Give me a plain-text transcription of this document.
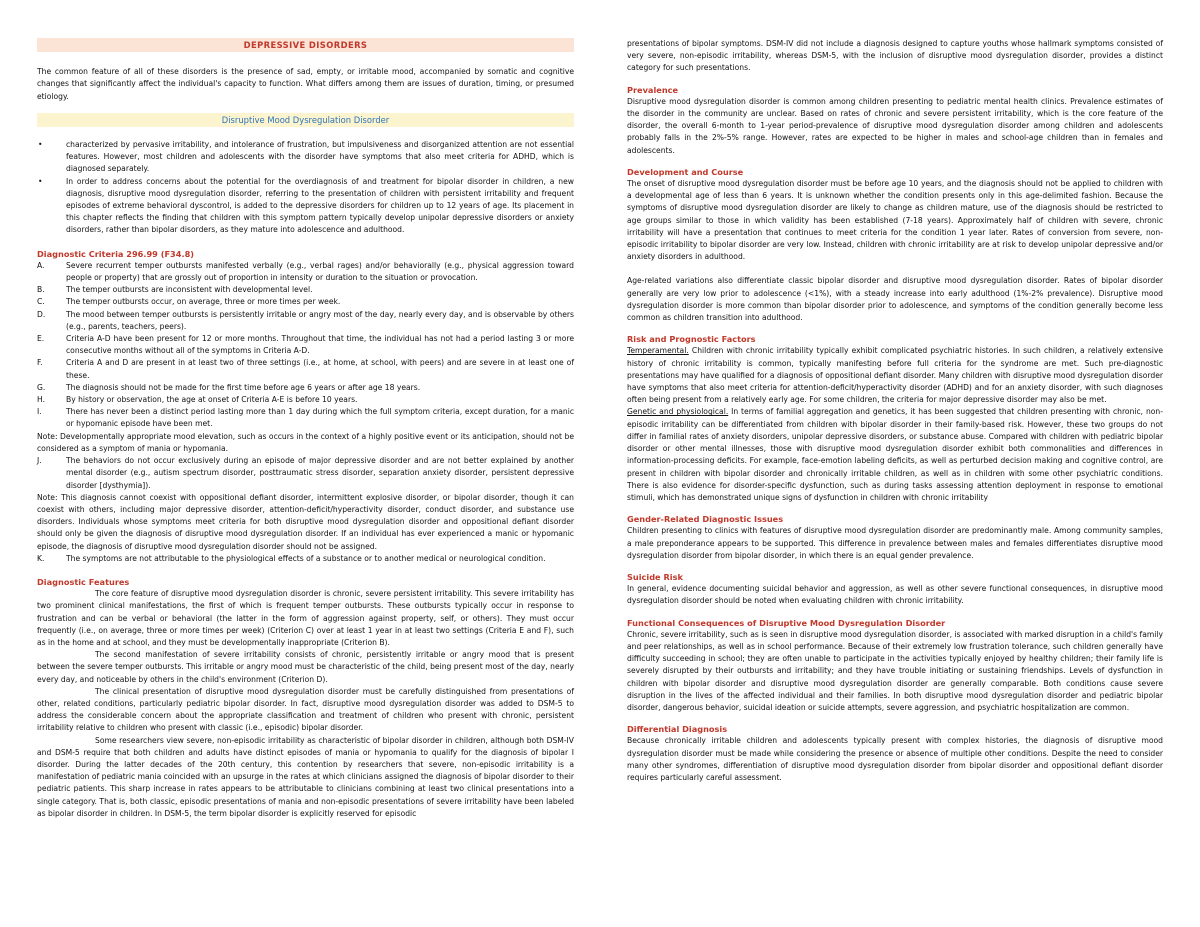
DEPRESSIVE DISORDERS

The common feature of all of these disorders is the presence of sad, empty, or irritable mood, accompanied by somatic and cognitive changes that significantly affect the individual's capacity to function. What differs among them are issues of duration, timing, or presumed etiology.

Disruptive Mood Dysregulation Disorder
• characterized by pervasive irritability, and intolerance of frustration, but impulsiveness and disorganized attention are not essential features. However, most children and adolescents with the disorder have symptoms that also meet criteria for ADHD, which is diagnosed separately.
• In order to address concerns about the potential for the overdiagnosis of and treatment for bipolar disorder in children, a new diagnosis, disruptive mood dysregulation disorder, referring to the presentation of children with persistent irritability and frequent episodes of extreme behavioral dyscontrol, is added to the depressive disorders for children up to 12 years of age. Its placement in this chapter reflects the finding that children with this symptom pattern typically develop unipolar depressive disorders or anxiety disorders, rather than bipolar disorders, as they mature into adolescence and adulthood.
Diagnostic Criteria 296.99 (F34.8)
A.	Severe recurrent temper outbursts manifested verbally (e.g., verbal rages) and/or behaviorally (e.g., physical aggression toward people or property) that are grossly out of proportion in intensity or duration to the situation or provocation.
B.	The temper outbursts are inconsistent with developmental level.
C.	The temper outbursts occur, on average, three or more times per week.
D.	The mood between temper outbursts is persistently irritable or angry most of the day, nearly every day, and is observable by others (e.g., parents, teachers, peers).
E.	Criteria A-D have been present for 12 or more months. Throughout that time, the individual has not had a period lasting 3 or more consecutive months without all of the symptoms in Criteria A-D.
F.	Criteria A and D are present in at least two of three settings (i.e., at home, at school, with peers) and are severe in at least one of these.
G.	The diagnosis should not be made for the first time before age 6 years or after age 18 years.
H.	By history or observation, the age at onset of Criteria A-E is before 10 years.
I.	There has never been a distinct period lasting more than 1 day during which the full symptom criteria, except duration, for a manic or hypomanic episode have been met.

Note: Developmentally appropriate mood elevation, such as occurs in the context of a highly positive event or its anticipation, should not be considered as a symptom of mania or hypomania.

J.	The behaviors do not occur exclusively during an episode of major depressive disorder and are not better explained by another mental disorder (e.g., autism spectrum disorder, posttraumatic stress disorder, separation anxiety disorder, persistent depressive disorder [dysthymia]).

Note: This diagnosis cannot coexist with oppositional defiant disorder, intermittent explosive disorder, or bipolar disorder, though it can coexist with others, including major depressive disorder, attention-deficit/hyperactivity disorder, conduct disorder, and substance use disorders. Individuals whose symptoms meet criteria for both disruptive mood dysregulation disorder and oppositional defiant disorder should only be given the diagnosis of disruptive mood dysregulation disorder. If an individual has ever experienced a manic or hypomanic episode, the diagnosis of disruptive mood dysregulation disorder should not be assigned.

K.	The symptoms are not attributable to the physiological effects of a substance or to another medical or neurological condition.
Diagnostic Features

The core feature of disruptive mood dysregulation disorder is chronic, severe persistent irritability. This severe irritability has two prominent clinical manifestations, the first of which is frequent temper outbursts. These outbursts typically occur in response to frustration and can be verbal or behavioral (the latter in the form of aggression against property, self, or others). They must occur frequently (i.e., on average, three or more times per week) (Criterion C) over at least 1 year in at least two settings (Criteria E and F), such as in the home and at school, and they must be developmentally inappropriate (Criterion B).

The second manifestation of severe irritability consists of chronic, persistently irritable or angry mood that is present between the severe temper outbursts. This irritable or angry mood must be characteristic of the child, being present most of the day, nearly every day, and noticeable by others in the child's environment (Criterion D).

The clinical presentation of disruptive mood dysregulation disorder must be carefully distinguished from presentations of other, related conditions, particularly pediatric bipolar disorder. In fact, disruptive mood dysregulation disorder was added to DSM-5 to address the considerable concern about the appropriate classification and treatment of children who present with chronic, persistent irritability relative to children who present with classic (i.e., episodic) bipolar disorder.

Some researchers view severe, non-episodic irritability as characteristic of bipolar disorder in children, although both DSM-IV and DSM-5 require that both children and adults have distinct episodes of mania or hypomania to qualify for the diagnosis of bipolar I disorder. During the latter decades of the 20th century, this contention by researchers that severe, non-episodic irritability is a manifestation of pediatric mania coincided with an upsurge in the rates at which clinicians assigned the diagnosis of bipolar disorder to their pediatric patients. This sharp increase in rates appears to be attributable to clinicians combining at least two clinical presentations into a single category. That is, both classic, episodic presentations of mania and non-episodic presentations of severe irritability have been labeled as bipolar disorder in children. In DSM-5, the term bipolar disorder is explicitly reserved for episodic

presentations of bipolar symptoms. DSM-IV did not include a diagnosis designed to capture youths whose hallmark symptoms consisted of very severe, non-episodic irritability, whereas DSM-5, with the inclusion of disruptive mood dysregulation disorder, provides a distinct category for such presentations.

Prevalence

Disruptive mood dysregulation disorder is common among children presenting to pediatric mental health clinics. Prevalence estimates of the disorder in the community are unclear. Based on rates of chronic and severe persistent irritability, which is the core feature of the disorder, the overall 6-month to 1-year period-prevalence of disruptive mood dysregulation disorder among children and adolescents probably falls in the 2%-5% range. However, rates are expected to be higher in males and school-age children than in females and adolescents.

Development and Course

The onset of disruptive mood dysregulation disorder must be before age 10 years, and the diagnosis should not be applied to children with a developmental age of less than 6 years. It is unknown whether the condition presents only in this age-delimited fashion. Because the symptoms of disruptive mood dysregulation disorder are likely to change as children mature, use of the diagnosis should be restricted to age groups similar to those in which validity has been established (7-18 years). Approximately half of children with severe, chronic irritability will have a presentation that continues to meet criteria for the condition 1 year later. Rates of conversion from severe, non-episodic irritability to bipolar disorder are very low. Instead, children with chronic irritability are at risk to develop unipolar depressive and/or anxiety disorders in adulthood.

Age-related variations also differentiate classic bipolar disorder and disruptive mood dysregulation disorder. Rates of bipolar disorder generally are very low prior to adolescence (<1%), with a steady increase into early adulthood (1%-2% prevalence). Disruptive mood dysregulation disorder is more common than bipolar disorder prior to adolescence, and symptoms of the condition generally become less common as children transition into adulthood.

Risk and Prognostic Factors

Temperamental. Children with chronic irritability typically exhibit complicated psychiatric histories. In such children, a relatively extensive history of chronic irritability is common, typically manifesting before full criteria for the syndrome are met. Such pre-diagnostic presentations may have qualified for a diagnosis of oppositional defiant disorder. Many children with disruptive mood dysregulation disorder have symptoms that also meet criteria for attention-deficit/hyperactivity disorder (ADHD) and for an anxiety disorder, with such diagnoses often being present from a relatively early age. For some children, the criteria for major depressive disorder may also be met.

Genetic and physiological. In terms of familial aggregation and genetics, it has been suggested that children presenting with chronic, non-episodic irritability can be differentiated from children with bipolar disorder in their family-based risk. However, these two groups do not differ in familial rates of anxiety disorders, unipolar depressive disorders, or substance abuse. Compared with children with pediatric bipolar disorder or other mental illnesses, those with disruptive mood dysregulation disorder exhibit both commonalities and differences in information-processing deficits. For example, face-emotion labeling deficits, as well as perturbed decision making and cognitive control, are present in children with bipolar disorder and chronically irritable children, as well as in children with some other psychiatric conditions. There is also evidence for disorder-specific dysfunction, such as during tasks assessing attention deployment in response to emotional stimuli, which has demonstrated unique signs of dysfunction in children with chronic irritability

Gender-Related Diagnostic Issues

Children presenting to clinics with features of disruptive mood dysregulation disorder are predominantly male. Among community samples, a male preponderance appears to be supported. This difference in prevalence between males and females differentiates disruptive mood dysregulation disorder from bipolar disorder, in which there is an equal gender prevalence.

Suicide Risk

In general, evidence documenting suicidal behavior and aggression, as well as other severe functional consequences, in disruptive mood dysregulation disorder should be noted when evaluating children with chronic irritability.

Functional Consequences of Disruptive Mood Dysregulation Disorder

Chronic, severe irritability, such as is seen in disruptive mood dysregulation disorder, is associated with marked disruption in a child's family and peer relationships, as well as in school performance. Because of their extremely low frustration tolerance, such children generally have difficulty succeeding in school; they are often unable to participate in the activities typically enjoyed by healthy children; their family life is severely disrupted by their outbursts and irritability; and they have trouble initiating or sustaining friendships. Levels of dysfunction in children with bipolar disorder and disruptive mood dysregulation disorder are generally comparable. Both conditions cause severe disruption in the lives of the affected individual and their families. In both disruptive mood dysregulation disorder and pediatric bipolar disorder, dangerous behavior, suicidal ideation or suicide attempts, severe aggression, and psychiatric hospitalization are common.

Differential Diagnosis

Because chronically irritable children and adolescents typically present with complex histories, the diagnosis of disruptive mood dysregulation disorder must be made while considering the presence or absence of multiple other conditions. Despite the need to consider many other syndromes, differentiation of disruptive mood dysregulation disorder from bipolar disorder and oppositional defiant disorder requires particularly careful assessment.
